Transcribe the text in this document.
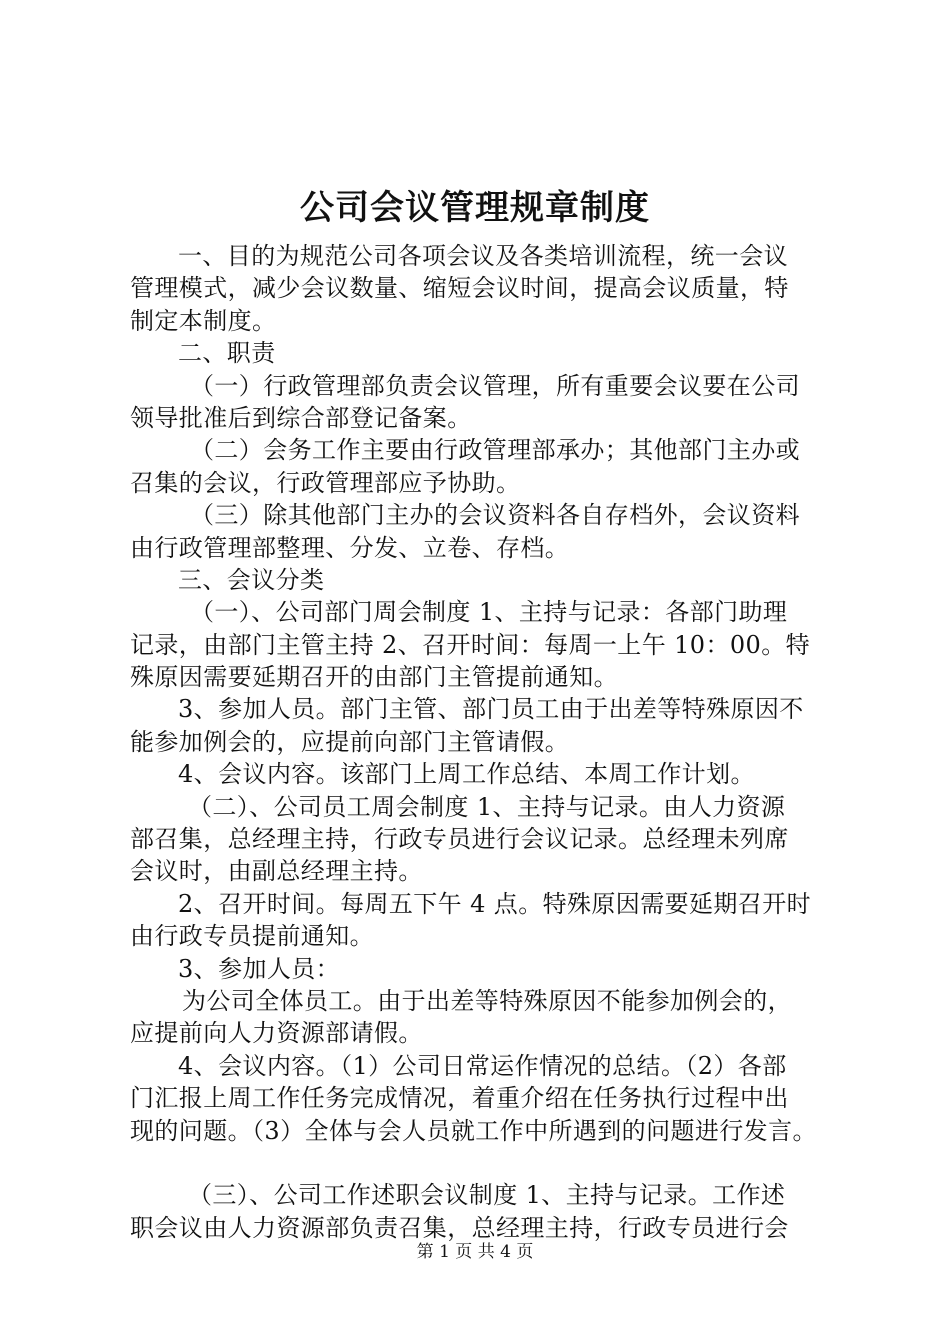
公司会议管理规章制度
一、目的为规范公司各项会议及各类培训流程，统一会议
管理模式，减少会议数量、缩短会议时间，提高会议质量，特
制定本制度。
二、职责
（一）行政管理部负责会议管理，所有重要会议要在公司
领导批准后到综合部登记备案。
（二）会务工作主要由行政管理部承办；其他部门主办或
召集的会议，行政管理部应予协助。
（三）除其他部门主办的会议资料各自存档外，会议资料
由行政管理部整理、分发、立卷、存档。
三、会议分类
（一）、公司部门周会制度 1、主持与记录：各部门助理
记录，由部门主管主持 2、召开时间：每周一上午 10：00。特
殊原因需要延期召开的由部门主管提前通知。
3、参加人员。部门主管、部门员工由于出差等特殊原因不
能参加例会的，应提前向部门主管请假。
4、会议内容。该部门上周工作总结、本周工作计划。
（二）、公司员工周会制度 1、主持与记录。由人力资源
部召集，总经理主持，行政专员进行会议记录。总经理未列席
会议时，由副总经理主持。
2、召开时间。每周五下午 4 点。特殊原因需要延期召开时
由行政专员提前通知。
3、参加人员：
为公司全体员工。由于出差等特殊原因不能参加例会的，
应提前向人力资源部请假。
4、会议内容。（1）公司日常运作情况的总结。（2）各部
门汇报上周工作任务完成情况，着重介绍在任务执行过程中出
现的问题。（3）全体与会人员就工作中所遇到的问题进行发言。
（三）、公司工作述职会议制度 1、主持与记录。工作述
职会议由人力资源部负责召集，总经理主持，行政专员进行会
第 1 页 共 4 页
